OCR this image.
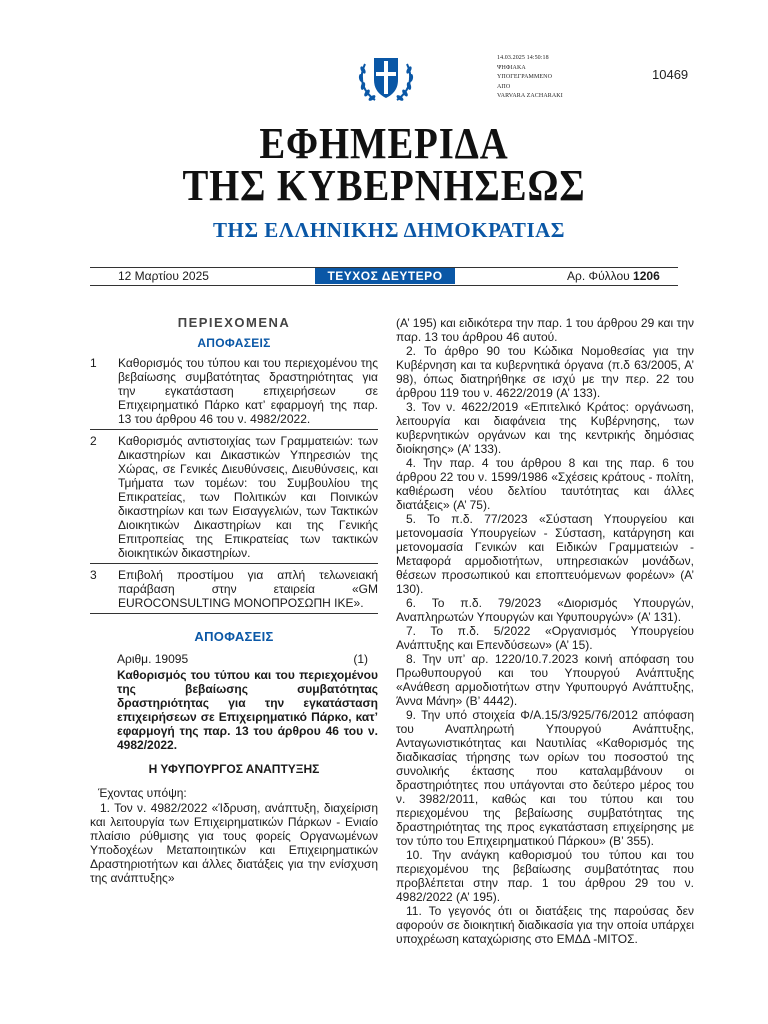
14.03.2025 14:50:18
ΨΗΦΙΑΚΑ
ΥΠΟΓΕΓΡΑΜΜΕΝΟ
ΑΠΟ
VARVARA ZACHARAKI
10469
ΕΦΗΜΕΡΙΔΑ
ΤΗΣ ΚΥΒΕΡΝΗΣΕΩΣ
ΤΗΣ ΕΛΛΗΝΙΚΗΣ ΔΗΜΟΚΡΑΤΙΑΣ
12 Μαρτίου 2025	ΤΕΥΧΟΣ ΔΕΥΤΕΡΟ	Αρ. Φύλλου 1206
ΠΕΡΙΕΧΟΜΕΝΑ
ΑΠΟΦΑΣΕΙΣ
1	Καθορισμός του τύπου και του περιεχομένου της βεβαίωσης συμβατότητας δραστηριότητας για την εγκατάσταση επιχειρήσεων σε Επιχειρηματικό Πάρκο κατ’ εφαρμογή της παρ. 13 του άρθρου 46 του ν. 4982/2022.
2	Καθορισμός αντιστοιχίας των Γραμματειών: των Δικαστηρίων και Δικαστικών Υπηρεσιών της Χώρας, σε Γενικές Διευθύνσεις, Διευθύνσεις, και Τμήματα των τομέων: του Συμβουλίου της Επικρατείας, των Πολιτικών και Ποινικών δικαστηρίων και των Εισαγγελιών, των Τακτικών Διοικητικών Δικαστηρίων και της Γενικής Επιτροπείας της Επικρατείας των τακτικών διοικητικών δικαστηρίων.
3	Επιβολή προστίμου για απλή τελωνειακή παράβαση στην εταιρεία «GM EUROCONSULTING ΜΟΝΟΠΡΟΣΩΠΗ ΙΚΕ».
ΑΠΟΦΑΣΕΙΣ
Αριθμ. 19095	(1)
Καθορισμός του τύπου και του περιεχομένου της βεβαίωσης συμβατότητας δραστηριότητας για την εγκατάσταση επιχειρήσεων σε Επιχειρηματικό Πάρκο, κατ’ εφαρμογή της παρ. 13 του άρθρου 46 του ν. 4982/2022.
Η ΥΦΥΠΟΥΡΓΟΣ ΑΝΑΠΤΥΞΗΣ
Έχοντας υπόψη:

1. Τον ν. 4982/2022 «Ίδρυση, ανάπτυξη, διαχείριση και λειτουργία των Επιχειρηματικών Πάρκων - Ενιαίο πλαίσιο ρύθμισης για τους φορείς Οργανωμένων Υποδοχέων Μεταποιητικών και Επιχειρηματικών Δραστηριοτήτων και άλλες διατάξεις για την ενίσχυση της ανάπτυξης»

(Α’ 195) και ειδικότερα την παρ. 1 του άρθρου 29 και την παρ. 13 του άρθρου 46 αυτού.

2. Το άρθρο 90 του Κώδικα Νομοθεσίας για την Κυβέρνηση και τα κυβερνητικά όργανα (π.δ 63/2005, Α’ 98), όπως διατηρήθηκε σε ισχύ με την περ. 22 του άρθρου 119 του ν. 4622/2019 (Α’ 133).

3. Τον ν. 4622/2019 «Επιτελικό Κράτος: οργάνωση, λειτουργία και διαφάνεια της Κυβέρνησης, των κυβερνητικών οργάνων και της κεντρικής δημόσιας διοίκησης» (Α’ 133).

4. Την παρ. 4 του άρθρου 8 και της παρ. 6 του άρθρου 22 του ν. 1599/1986 «Σχέσεις κράτους - πολίτη, καθιέρωση νέου δελτίου ταυτότητας και άλλες διατάξεις» (Α’ 75).

5. Το π.δ. 77/2023 «Σύσταση Υπουργείου και μετονομασία Υπουργείων - Σύσταση, κατάργηση και μετονομασία Γενικών και Ειδικών Γραμματειών - Μεταφορά αρμοδιοτήτων, υπηρεσιακών μονάδων, θέσεων προσωπικού και εποπτευόμενων φορέων» (Α’ 130).

6. Το π.δ. 79/2023 «Διορισμός Υπουργών, Αναπληρωτών Υπουργών και Υφυπουργών» (Α’ 131).

7. Το π.δ. 5/2022 «Οργανισμός Υπουργείου Ανάπτυξης και Επενδύσεων» (Α’ 15).

8. Την υπ’ αρ. 1220/10.7.2023 κοινή απόφαση του Πρωθυπουργού και του Υπουργού Ανάπτυξης «Ανάθεση αρμοδιοτήτων στην Υφυπουργό Ανάπτυξης, Άννα Μάνη» (Β’ 4442).

9. Την υπό στοιχεία Φ/Α.15/3/925/76/2012 απόφαση του Αναπληρωτή Υπουργού Ανάπτυξης, Ανταγωνιστικότητας και Ναυτιλίας «Καθορισμός της διαδικασίας τήρησης των ορίων του ποσοστού της συνολικής έκτασης που καταλαμβάνουν οι δραστηριότητες που υπάγονται στο δεύτερο μέρος του ν. 3982/2011, καθώς και του τύπου και του περιεχομένου της βεβαίωσης συμβατότητας της δραστηριότητας της προς εγκατάσταση επιχείρησης με τον τύπο του Επιχειρηματικού Πάρκου» (Β’ 355).

10. Την ανάγκη καθορισμού του τύπου και του περιεχομένου της βεβαίωσης συμβατότητας που προβλέπεται στην παρ. 1 του άρθρου 29 του ν. 4982/2022 (Α’ 195).

11. Το γεγονός ότι οι διατάξεις της παρούσας δεν αφορούν σε διοικητική διαδικασία για την οποία υπάρχει υποχρέωση καταχώρισης στο ΕΜΔΔ -ΜΙΤΟΣ.
